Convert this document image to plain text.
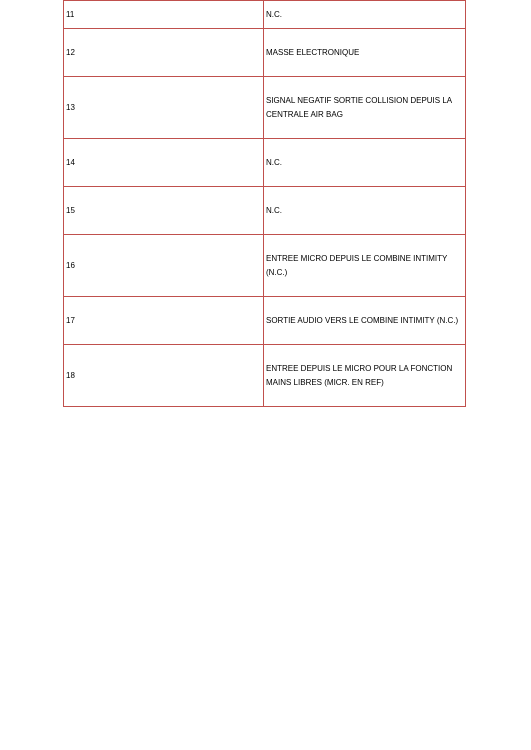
11	N.C.
12	MASSE ELECTRONIQUE
13	SIGNAL NEGATIF SORTIE COLLISION DEPUIS LA CENTRALE AIR BAG
14	N.C.
15	N.C.
16	ENTREE MICRO DEPUIS LE COMBINE INTIMITY (N.C.)
17	SORTIE AUDIO VERS LE COMBINE INTIMITY (N.C.)
18	ENTREE DEPUIS LE MICRO POUR LA FONCTION MAINS LIBRES (MICR. EN REF)
